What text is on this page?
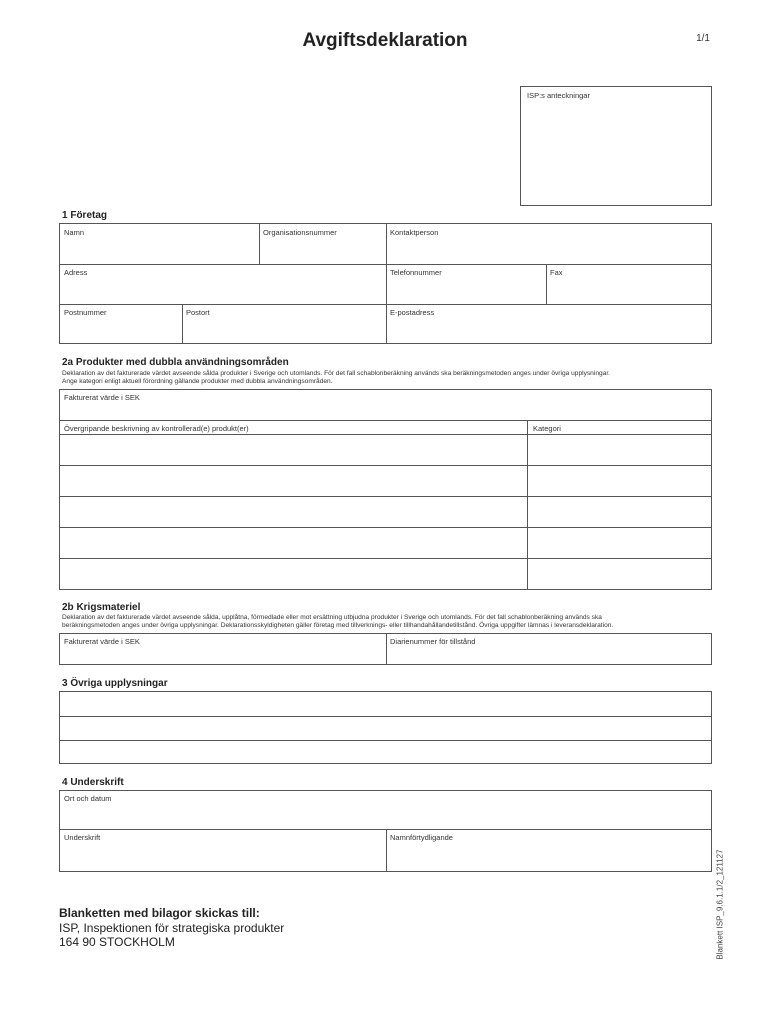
Avgiftsdeklaration	1/1
ISP:s anteckningar
1 Företag
Namn	Organisationsnummer	Kontaktperson
Adress	Telefonnummer	Fax
Postnummer	Postort	E-postadress
2a Produkter med dubbla användningsområden
Deklaration av det fakturerade värdet avseende sålda produkter i Sverige och utomlands. För det fall schablonberäkning används ska beräkningsmetoden anges under övriga upplysningar.
Ange kategori enligt aktuell förordning gällande produkter med dubbla användningsområden.
Fakturerat värde i SEK
Övergripande beskrivning av kontrollerad(e) produkt(er)	Kategori
2b Krigsmateriel
Deklaration av det fakturerade värdet avseende sålda, upplåtna, förmedlade eller mot ersättning utbjudna produkter i Sverige och utomlands. För det fall schablonberäkning används ska
beräkningsmetoden anges under övriga upplysningar. Deklarationsskyldigheten gäller företag med tillverknings- eller tillhandahållandetillstånd. Övriga uppgifter lämnas i leveransdeklaration.
Fakturerat värde i SEK	Diarienummer för tillstånd
3 Övriga upplysningar
4 Underskrift
Ort och datum
Underskrift	Namnförtydligande
Blanketten med bilagor skickas till:
ISP, Inspektionen för strategiska produkter
164 90 STOCKHOLM	Blankett ISP_9.6.1.1/2_121127
